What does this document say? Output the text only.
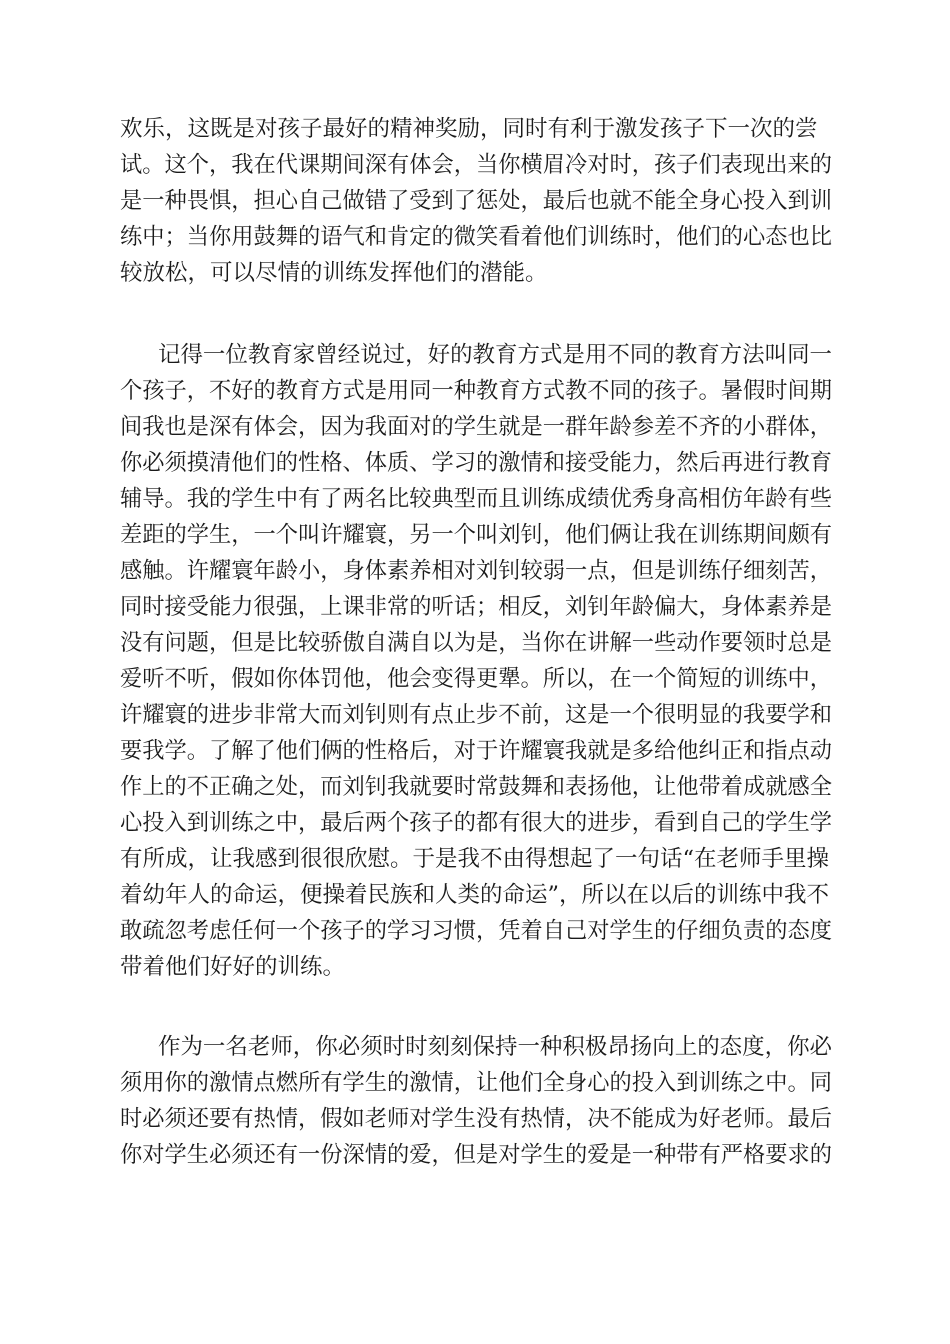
欢乐，这既是对孩子最好的精神奖励，同时有利于激发孩子下一次的尝
试。这个，我在代课期间深有体会，当你横眉冷对时，孩子们表现出来的
是一种畏惧，担心自己做错了受到了惩处，最后也就不能全身心投入到训
练中；当你用鼓舞的语气和肯定的微笑看着他们训练时，他们的心态也比
较放松，可以尽情的训练发挥他们的潜能。
记得一位教育家曾经说过，好的教育方式是用不同的教育方法叫同一
个孩子，不好的教育方式是用同一种教育方式教不同的孩子。暑假时间期
间我也是深有体会，因为我面对的学生就是一群年龄参差不齐的小群体，
你必须摸清他们的性格、体质、学习的激情和接受能力，然后再进行教育
辅导。我的学生中有了两名比较典型而且训练成绩优秀身高相仿年龄有些
差距的学生，一个叫许耀寰，另一个叫刘钊，他们俩让我在训练期间颇有
感触。许耀寰年龄小，身体素养相对刘钊较弱一点，但是训练仔细刻苦，
同时接受能力很强，上课非常的听话；相反，刘钊年龄偏大，身体素养是
没有问题，但是比较骄傲自满自以为是，当你在讲解一些动作要领时总是
爱听不听，假如你体罚他，他会变得更犟。所以，在一个简短的训练中，
许耀寰的进步非常大而刘钊则有点止步不前，这是一个很明显的我要学和
要我学。了解了他们俩的性格后，对于许耀寰我就是多给他纠正和指点动
作上的不正确之处，而刘钊我就要时常鼓舞和表扬他，让他带着成就感全
心投入到训练之中，最后两个孩子的都有很大的进步，看到自己的学生学
有所成，让我感到很很欣慰。于是我不由得想起了一句话“在老师手里操
着幼年人的命运，便操着民族和人类的命运”，所以在以后的训练中我不
敢疏忽考虑任何一个孩子的学习习惯，凭着自己对学生的仔细负责的态度
带着他们好好的训练。
作为一名老师，你必须时时刻刻保持一种积极昂扬向上的态度，你必
须用你的激情点燃所有学生的激情，让他们全身心的投入到训练之中。同
时必须还要有热情，假如老师对学生没有热情，决不能成为好老师。最后
你对学生必须还有一份深情的爱，但是对学生的爱是一种带有严格要求的
